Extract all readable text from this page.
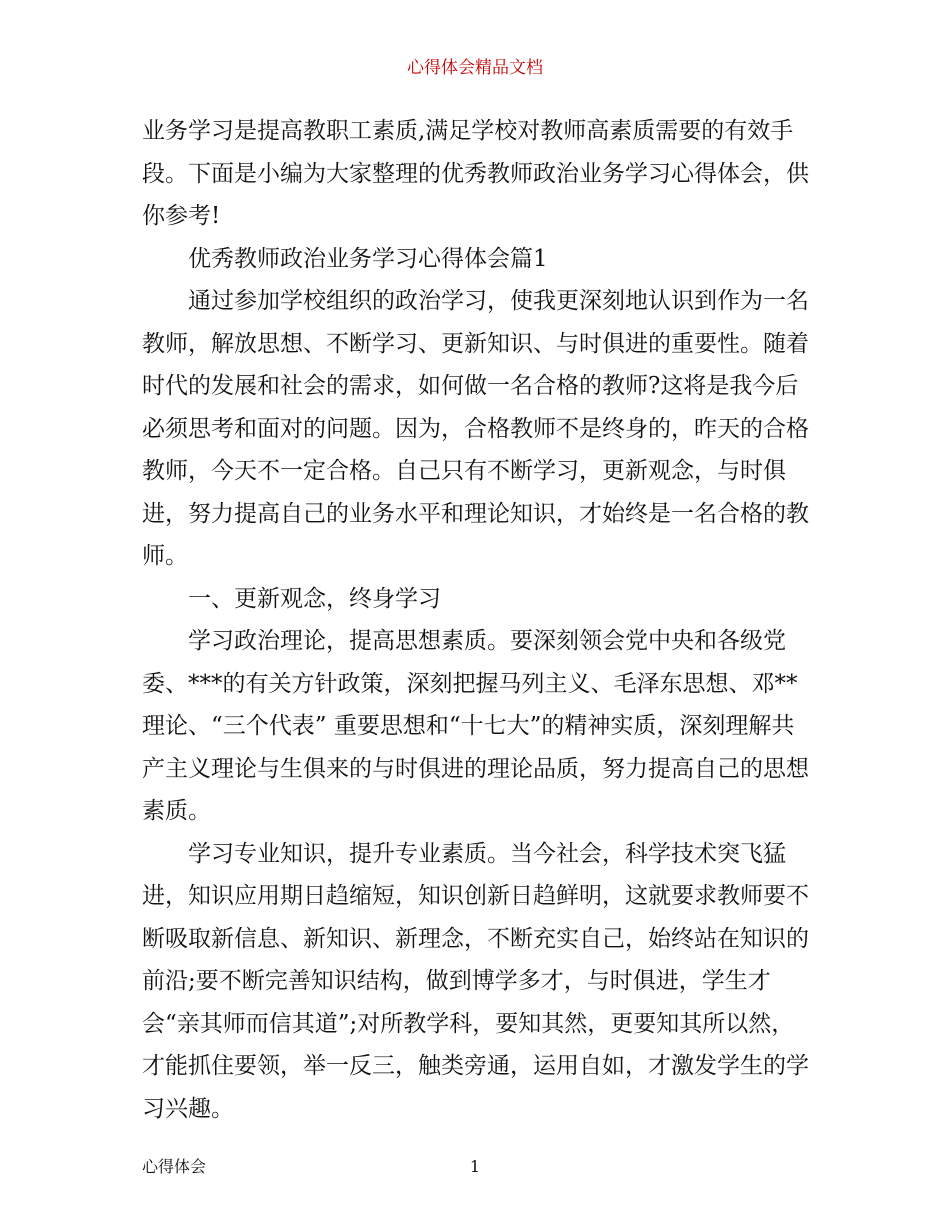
心得体会精品文档

业务学习是提高教职工素质,满足学校对教师高素质需要的有效手段。下面是小编为大家整理的优秀教师政治业务学习心得体会，供你参考!

优秀教师政治业务学习心得体会篇1

通过参加学校组织的政治学习，使我更深刻地认识到作为一名教师，解放思想、不断学习、更新知识、与时俱进的重要性。随着时代的发展和社会的需求，如何做一名合格的教师?这将是我今后必须思考和面对的问题。因为，合格教师不是终身的，昨天的合格教师，今天不一定合格。自己只有不断学习，更新观念，与时俱进，努力提高自己的业务水平和理论知识，才始终是一名合格的教师。

一、更新观念，终身学习

学习政治理论，提高思想素质。要深刻领会党中央和各级党委、***的有关方针政策，深刻把握马列主义、毛泽东思想、邓**理论、“三个代表” 重要思想和“十七大”的精神实质，深刻理解共产主义理论与生俱来的与时俱进的理论品质，努力提高自己的思想素质。

学习专业知识，提升专业素质。当今社会，科学技术突飞猛进，知识应用期日趋缩短，知识创新日趋鲜明，这就要求教师要不断吸取新信息、新知识、新理念，不断充实自己，始终站在知识的前沿;要不断完善知识结构，做到博学多才，与时俱进，学生才会“亲其师而信其道”;对所教学科，要知其然，更要知其所以然，才能抓住要领，举一反三，触类旁通，运用自如，才激发学生的学习兴趣。

心得体会	1
